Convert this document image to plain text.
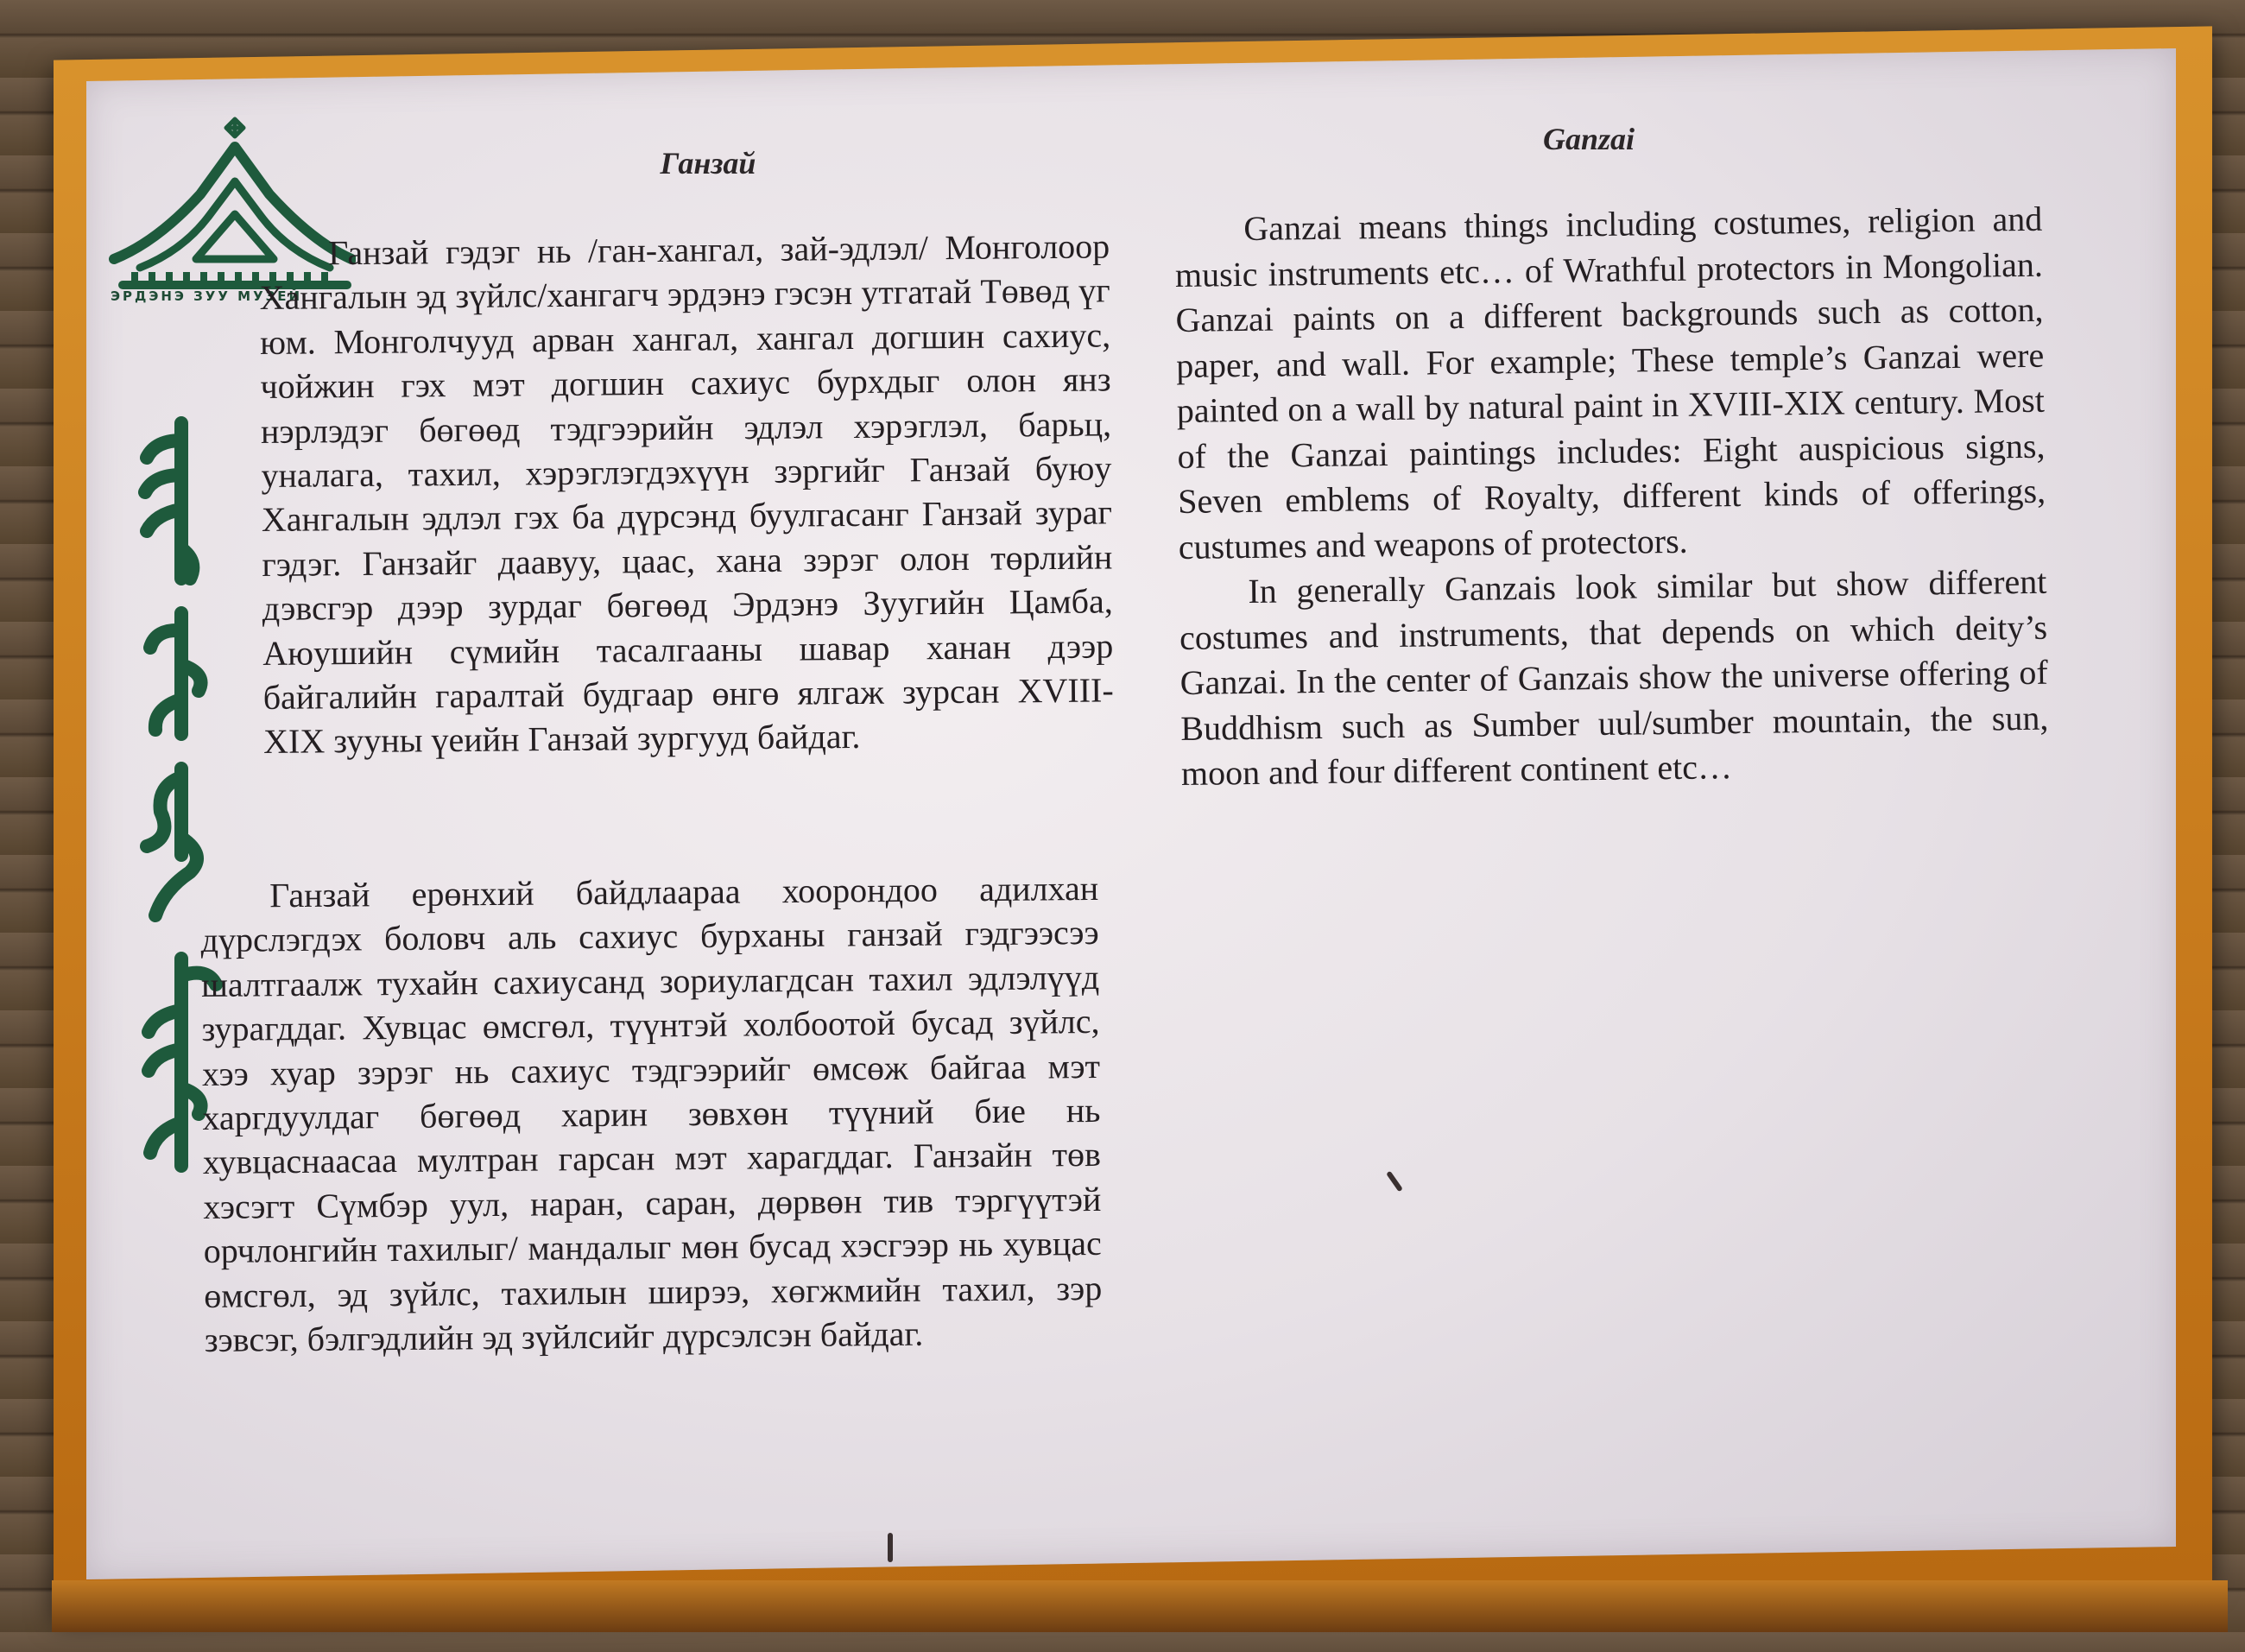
ЭРДЭНЭ ЗУУ МУЗЕЙ
Ганзай
Ganzai

Ганзай гэдэг нь /ган-хангал, зай-эдлэл/ Монголоор Хангалын эд зүйлс/хангагч эрдэнэ гэсэн утгатай Төвөд үг юм. Монголчууд арван хангал, хангал догшин сахиус, чойжин гэх мэт догшин сахиус бурхдыг олон янз нэрлэдэг бөгөөд тэдгээрийн эдлэл хэрэглэл, барьц, уналага, тахил, хэрэглэгдэхүүн зэргийг Ганзай буюу Хангалын эдлэл гэх ба дүрсэнд буулгасанг Ганзай зураг гэдэг. Ганзайг даавуу, цаас, хана зэрэг олон төрлийн дэвсгэр дээр зурдаг бөгөөд Эрдэнэ Зуугийн Цамба, Аюушийн сүмийн тасалгааны шавар ханан дээр байгалийн гаралтай будгаар өнгө ялгаж зурсан XVIII-XIX зууны үеийн Ганзай зургууд байдаг.

Ганзай ерөнхий байдлаараа хоорондоо адилхан дүрслэгдэх боловч аль сахиус бурханы ганзай гэдгээсээ шалтгаалж тухайн сахиусанд зориулагдсан тахил эдлэлүүд зурагддаг. Хувцас өмсгөл, түүнтэй холбоотой бусад зүйлс, хээ хуар зэрэг нь сахиус тэдгээрийг өмсөж байгаа мэт харгдуулдаг бөгөөд харин зөвхөн түүний бие нь хувцаснаасаа мултран гарсан мэт харагддаг. Ганзайн төв хэсэгт Сүмбэр уул, наран, саран, дөрвөн тив тэргүүтэй орчлонгийн тахилыг/ мандалыг мөн бусад хэсгээр нь хувцас өмсгөл, эд зүйлс, тахилын ширээ, хөгжмийн тахил, зэр зэвсэг, бэлгэдлийн эд зүйлсийг дүрсэлсэн байдаг.

Ganzai means things including costumes, religion and music instruments etc… of Wrathful protectors in Mongolian. Ganzai paints on a different backgrounds such as cotton, paper, and wall. For example; These temple’s Ganzai were painted on a wall by natural paint in XVIII-XIX century. Most of the Ganzai paintings includes: Eight auspicious signs, Seven emblems of Royalty, different kinds of offerings, custumes and weapons of protectors.

In generally Ganzais look similar but show different costumes and instruments, that depends on which deity’s Ganzai. In the center of Ganzais show the universe offering of Buddhism such as Sumber uul/sumber mountain, the sun, moon and four different continent etc…
